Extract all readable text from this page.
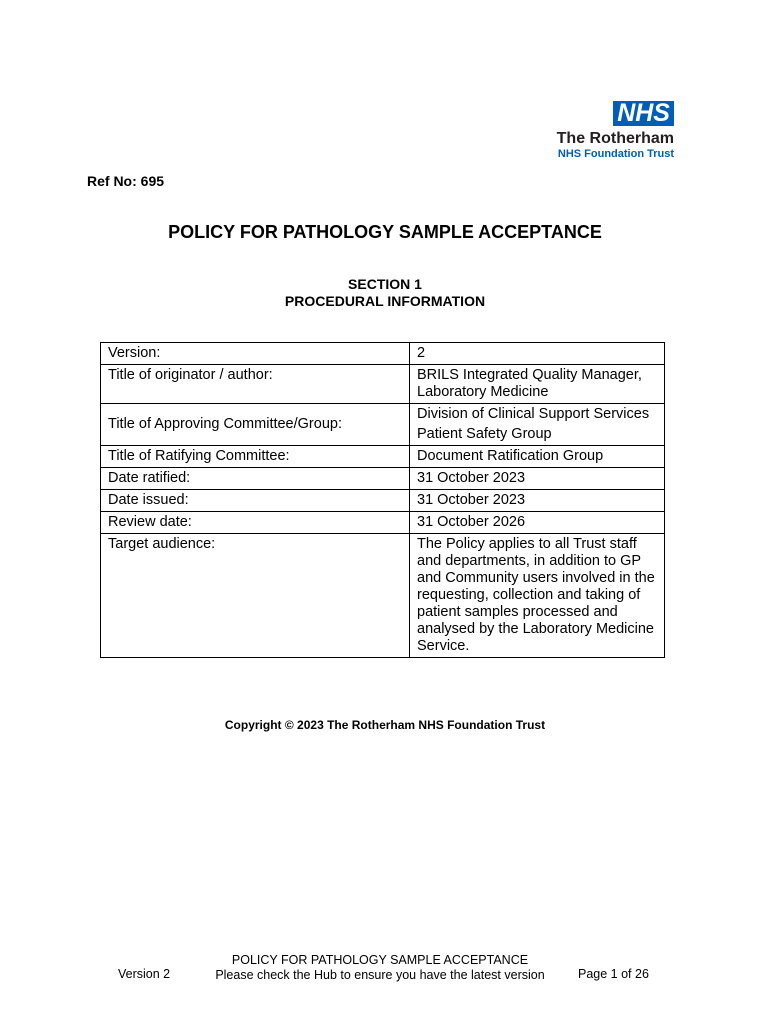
NHS
The Rotherham
NHS Foundation Trust
Ref No: 695
POLICY FOR PATHOLOGY SAMPLE ACCEPTANCE
SECTION 1
PROCEDURAL INFORMATION
Version:	2
Title of originator / author:	BRILS Integrated Quality Manager, Laboratory Medicine
Title of Approving Committee/Group:	Division of Clinical Support Services
Patient Safety Group

Title of Ratifying Committee:	Document Ratification Group
Date ratified:	31 October 2023
Date issued:	31 October 2023
Review date:	31 October 2026
Target audience:	The Policy applies to all Trust staff and departments, in addition to GP and Community users involved in the requesting, collection and taking of patient samples processed and analysed by the Laboratory Medicine Service.
Copyright © 2023 The Rotherham NHS Foundation Trust
Version 2
POLICY FOR PATHOLOGY SAMPLE ACCEPTANCE
Please check the Hub to ensure you have the latest version	Page 1 of 26
